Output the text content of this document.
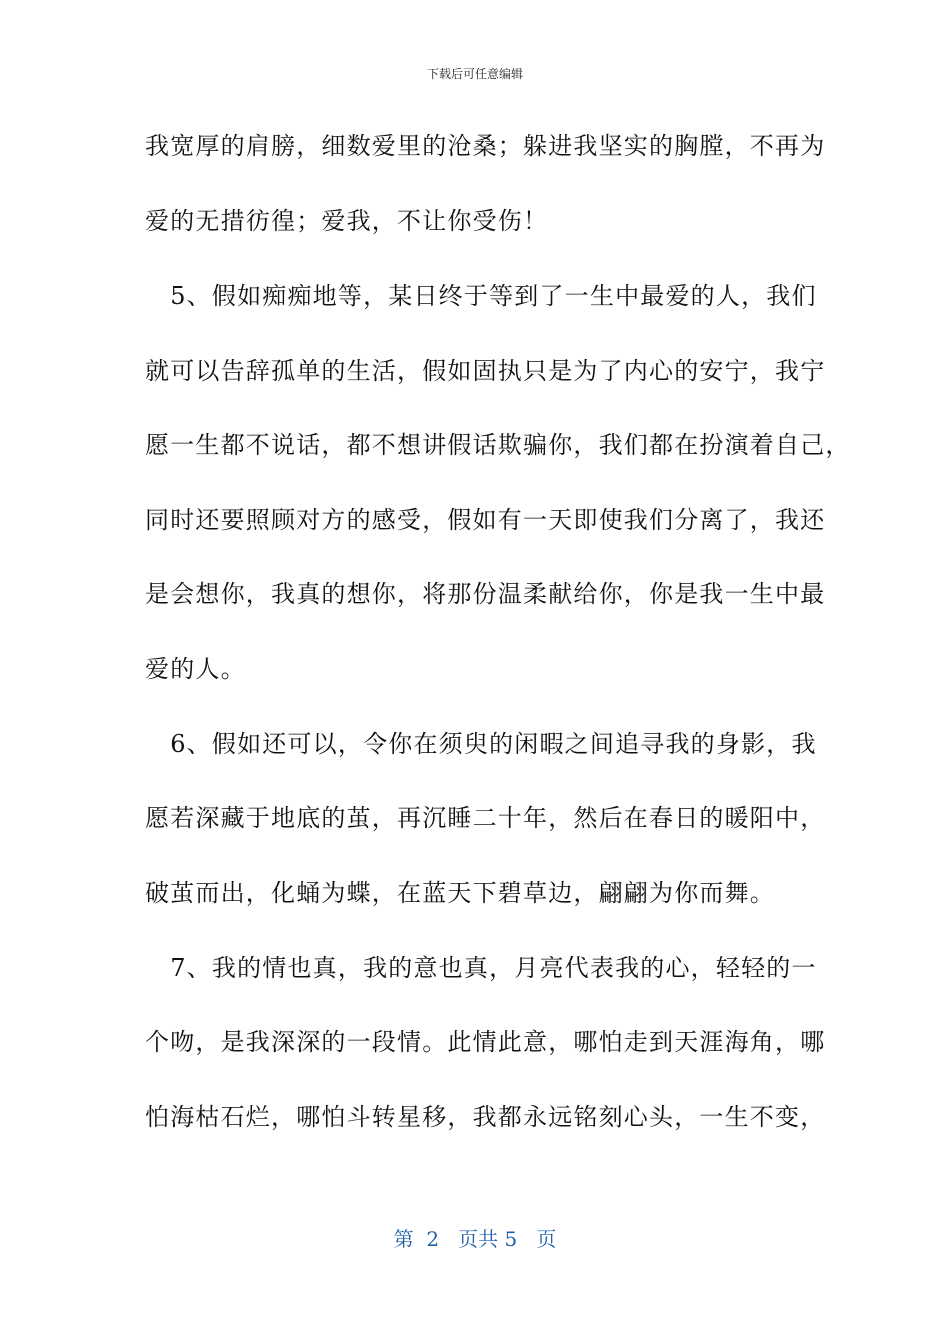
下载后可任意编辑
我宽厚的肩膀，细数爱里的沧桑；躲进我坚实的胸膛，不再为
爱的无措彷徨；爱我，不让你受伤！
　5、假如痴痴地等，某日终于等到了一生中最爱的人，我们
就可以告辞孤单的生活，假如固执只是为了内心的安宁，我宁
愿一生都不说话，都不想讲假话欺骗你，我们都在扮演着自己，
同时还要照顾对方的感受，假如有一天即使我们分离了，我还
是会想你，我真的想你，将那份温柔献给你，你是我一生中最
爱的人。
　6、假如还可以，令你在须臾的闲暇之间追寻我的身影，我
愿若深藏于地底的茧，再沉睡二十年，然后在春日的暖阳中，
破茧而出，化蛹为蝶，在蓝天下碧草边，翩翩为你而舞。
　7、我的情也真，我的意也真，月亮代表我的心，轻轻的一
个吻，是我深深的一段情。此情此意，哪怕走到天涯海角，哪
怕海枯石烂，哪怕斗转星移，我都永远铭刻心头，一生不变，
第  2   页共 5   页
